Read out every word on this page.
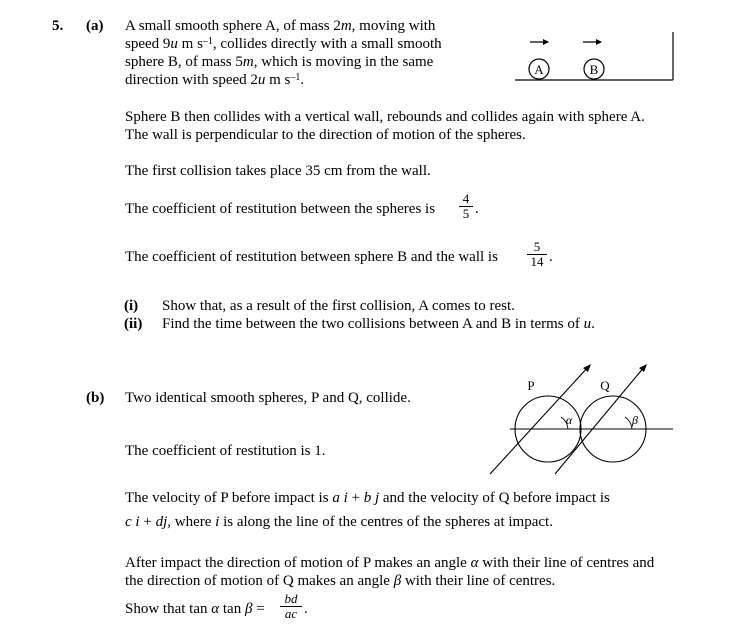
5. (a) A small smooth sphere A, of mass 2m, moving with
speed 9u m $s^{-1}$, collides directly with a small smooth
sphere B, of mass 5m, which is moving in the same
direction with speed 2u m $s^{-1}$.
A	B
Sphere B then collides with a vertical wall, rebounds and collides again with sphere A.
The wall is perpendicular to the direction of motion of the spheres.
The first collision takes place 35 cm from the wall.
The coefficient of restitution between the spheres is $\frac{4}{5}$ .
The coefficient of restitution between sphere B and the wall is $\frac{5}{14}$ .
(i) Show that, as a result of the first collision, A comes to rest.
(ii) Find the time between the two collisions between A and B in terms of u.
(b) Two identical smooth spheres, P and Q, collide.
P	Q
α	β
The coefficient of restitution is 1.
The velocity of P before impact is a i + b j and the velocity of Q before impact is
c i + dj, where i is along the line of the centres of the spheres at impact.
After impact the direction of motion of P makes an angle α with their line of centres and
the direction of motion of Q makes an angle β with their line of centres.
Show that tan α $\tan \beta = \frac{bd}{ac}$ .
